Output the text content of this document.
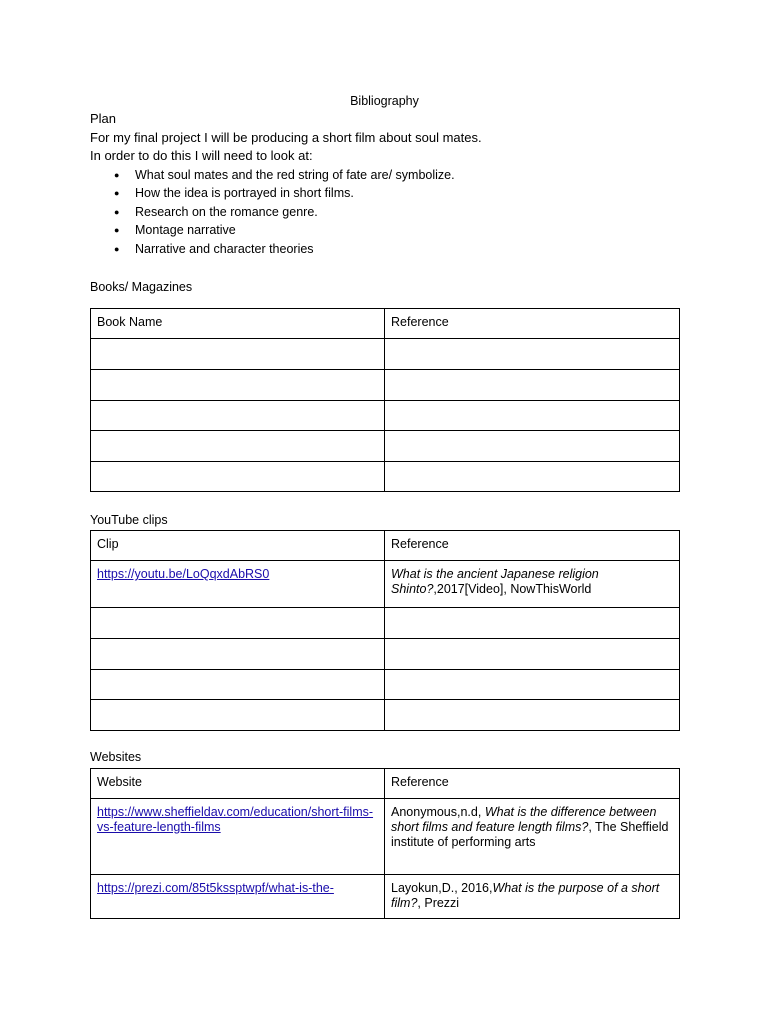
Bibliography

Plan

For my final project I will be producing a short film about soul mates.

In order to do this I will need to look at:

● What soul mates and the red string of fate are/ symbolize.
● How the idea is portrayed in short films.
● Research on the romance genre.
● Montage narrative
● Narrative and character theories

Books/ Magazines

Book Name	Reference

YouTube clips

Clip	Reference
https://youtu.be/LoQqxdAbRS0	What is the ancient Japanese religion Shinto?,2017[Video], NowThisWorld

Websites

Website	Reference
https://www.sheffieldav.com/education/short-films-vs-feature-length-films	Anonymous,n.d, What is the difference between short films and feature length films?, The Sheffield institute of performing arts
https://prezi.com/85t5kssptwpf/what-is-the-	Layokun,D., 2016,What is the purpose of a short film?, Prezzi
